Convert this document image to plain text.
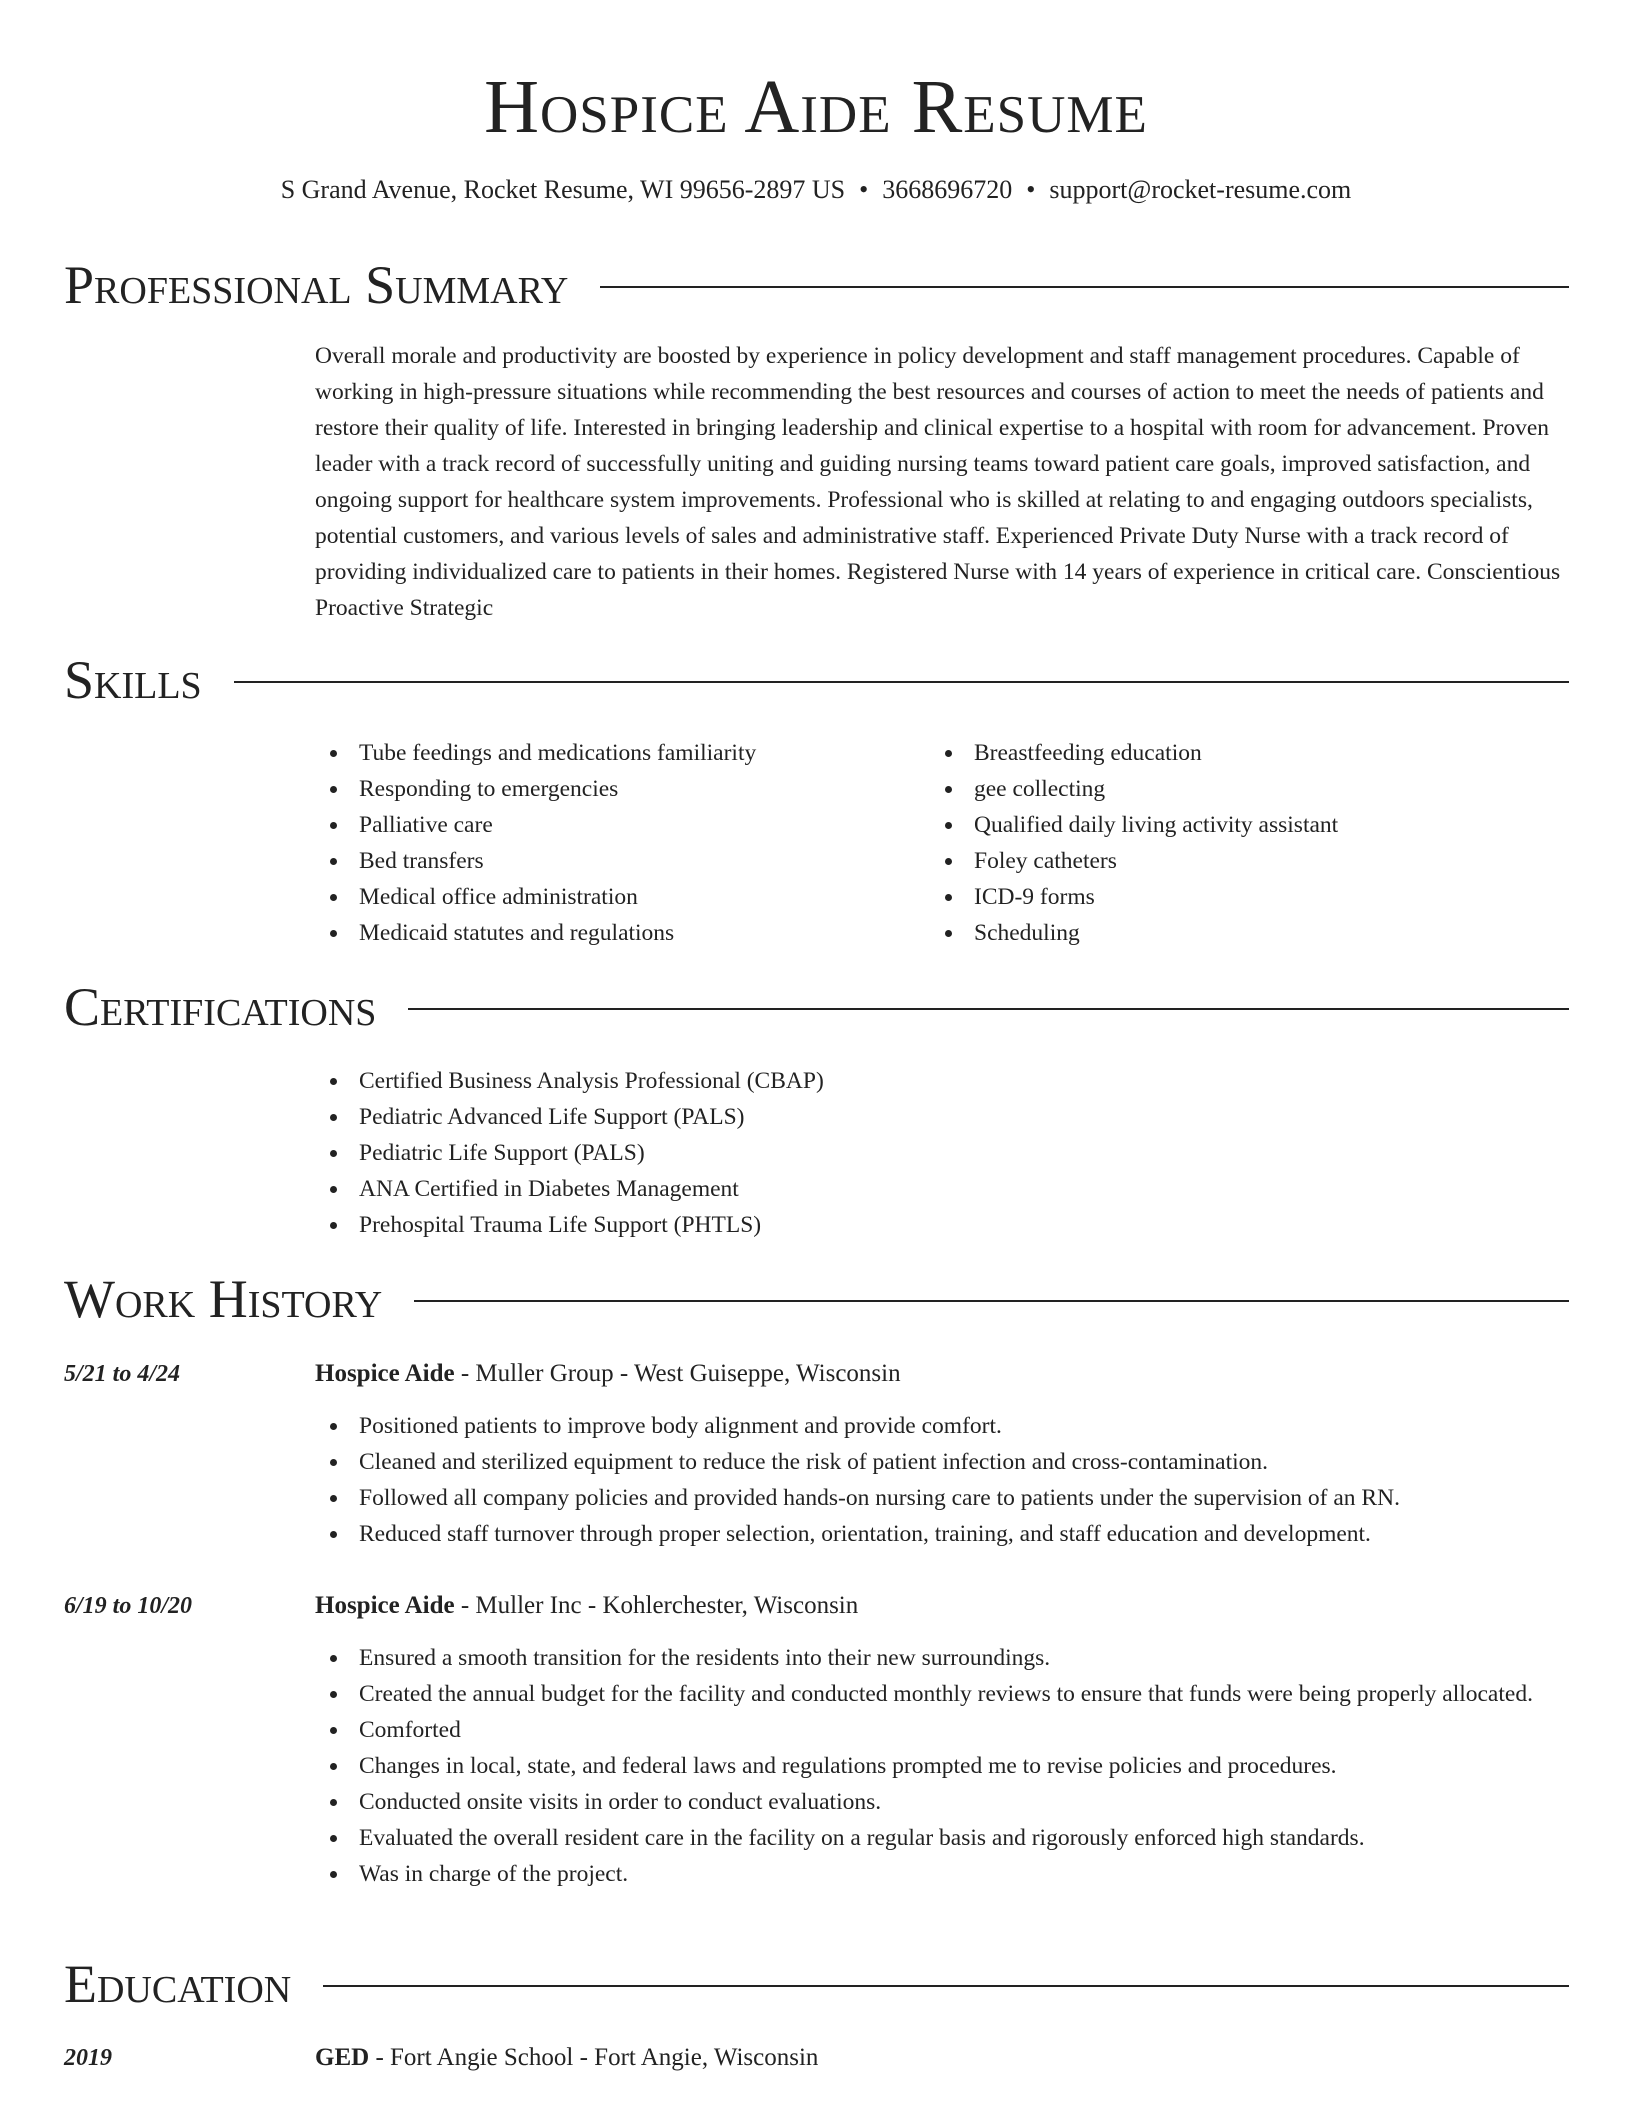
Hospice Aide Resume
S Grand Avenue, Rocket Resume, WI 99656-2897 US • 3668696720 • support@rocket-resume.com
Professional Summary
Overall morale and productivity are boosted by experience in policy development and staff management procedures. Capable of working in high-pressure situations while recommending the best resources and courses of action to meet the needs of patients and restore their quality of life. Interested in bringing leadership and clinical expertise to a hospital with room for advancement. Proven leader with a track record of successfully uniting and guiding nursing teams toward patient care goals, improved satisfaction, and ongoing support for healthcare system improvements. Professional who is skilled at relating to and engaging outdoors specialists, potential customers, and various levels of sales and administrative staff. Experienced Private Duty Nurse with a track record of providing individualized care to patients in their homes. Registered Nurse with 14 years of experience in critical care. Conscientious Proactive Strategic
Skills
Tube feedings and medications familiarity
Responding to emergencies
Palliative care
Bed transfers
Medical office administration
Medicaid statutes and regulations
Breastfeeding education
gee collecting
Qualified daily living activity assistant
Foley catheters
ICD-9 forms
Scheduling
Certifications
Certified Business Analysis Professional (CBAP)
Pediatric Advanced Life Support (PALS)
Pediatric Life Support (PALS)
ANA Certified in Diabetes Management
Prehospital Trauma Life Support (PHTLS)
Work History
5/21 to 4/24	Hospice Aide - Muller Group - West Guiseppe, Wisconsin
Positioned patients to improve body alignment and provide comfort.
Cleaned and sterilized equipment to reduce the risk of patient infection and cross-contamination.
Followed all company policies and provided hands-on nursing care to patients under the supervision of an RN.
Reduced staff turnover through proper selection, orientation, training, and staff education and development.
6/19 to 10/20	Hospice Aide - Muller Inc - Kohlerchester, Wisconsin
Ensured a smooth transition for the residents into their new surroundings.
Created the annual budget for the facility and conducted monthly reviews to ensure that funds were being properly allocated.
Comforted
Changes in local, state, and federal laws and regulations prompted me to revise policies and procedures.
Conducted onsite visits in order to conduct evaluations.
Evaluated the overall resident care in the facility on a regular basis and rigorously enforced high standards.
Was in charge of the project.
Education
2019	GED - Fort Angie School - Fort Angie, Wisconsin
